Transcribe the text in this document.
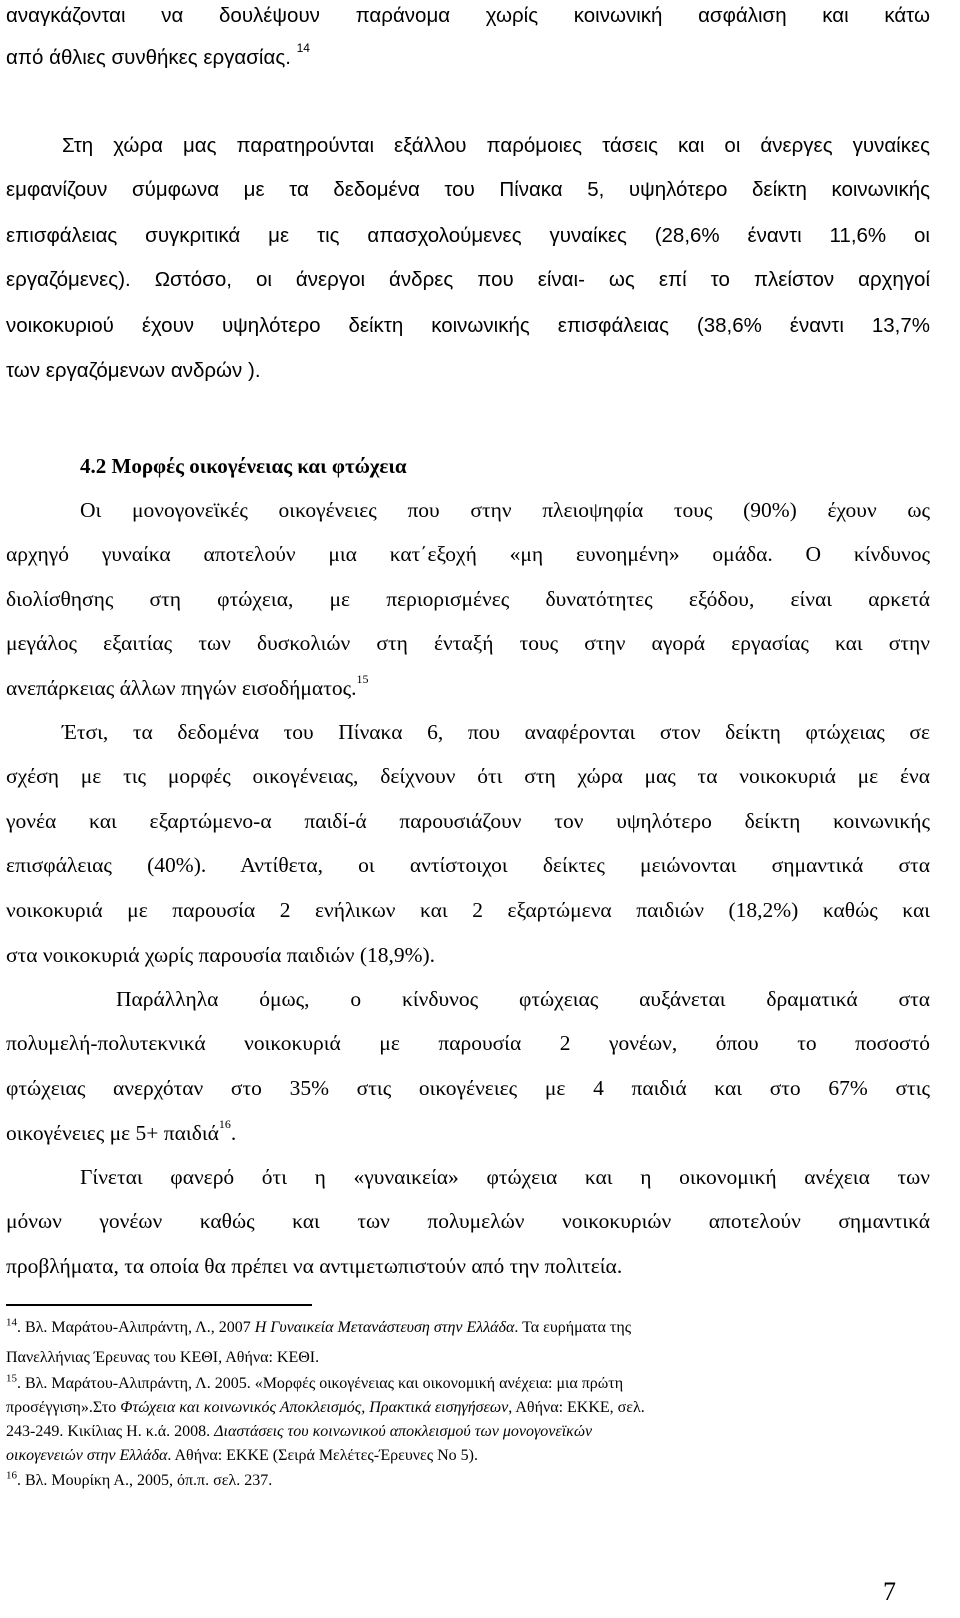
αναγκάζονται να δουλέψουν παράνομα χωρίς κοινωνική ασφάλιση και κάτω
από άθλιες συνθήκες εργασίας. $^{14}$
Στη χώρα μας παρατηρούνται εξάλλου παρόμοιες τάσεις και οι άνεργες γυναίκες
εμφανίζουν σύμφωνα με τα δεδομένα του Πίνακα 5, υψηλότερο δείκτη κοινωνικής
επισφάλειας συγκριτικά με τις απασχολούμενες γυναίκες (28,6% έναντι 11,6% οι
εργαζόμενες). Ωστόσο, οι άνεργοι άνδρες που είναι- ως επί το πλείστον αρχηγοί
νοικοκυριού έχουν υψηλότερο δείκτη κοινωνικής επισφάλειας (38,6% έναντι 13,7%
των εργαζόμενων ανδρών ).
4.2 Μορφές οικογένειας και φτώχεια
Οι μονογονεϊκές οικογένειες που στην πλειοψηφία τους (90%) έχουν ως
αρχηγό γυναίκα αποτελούν μια κατ΄εξοχή «μη ευνοημένη» ομάδα. Ο κίνδυνος
διολίσθησης στη φτώχεια, με περιορισμένες δυνατότητες εξόδου, είναι αρκετά
μεγάλος εξαιτίας των δυσκολιών στη ένταξή τους στην αγορά εργασίας και στην
ανεπάρκειας άλλων πηγών εισοδήματος.$^{15}$
Έτσι, τα δεδομένα του Πίνακα 6, που αναφέρονται στον δείκτη φτώχειας σε
σχέση με τις μορφές οικογένειας, δείχνουν ότι στη χώρα μας τα νοικοκυριά με ένα
γονέα και εξαρτώμενο-α παιδί-ά παρουσιάζουν τον υψηλότερο δείκτη κοινωνικής
επισφάλειας (40%). Αντίθετα, οι αντίστοιχοι δείκτες μειώνονται σημαντικά στα
νοικοκυριά με παρουσία 2 ενήλικων και 2 εξαρτώμενα παιδιών (18,2%) καθώς και
στα νοικοκυριά χωρίς παρουσία παιδιών (18,9%).
Παράλληλα όμως, ο κίνδυνος φτώχειας αυξάνεται δραματικά στα
πολυμελή-πολυτεκνικά νοικοκυριά με παρουσία 2 γονέων, όπου το ποσοστό
φτώχειας ανερχόταν στο 35% στις οικογένειες με 4 παιδιά και στο 67% στις
οικογένειες με 5+ παιδιά$^{16}$.
Γίνεται φανερό ότι η «γυναικεία» φτώχεια και η οικονομική ανέχεια των
μόνων γονέων καθώς και των πολυμελών νοικοκυριών αποτελούν σημαντικά
προβλήματα, τα οποία θα πρέπει να αντιμετωπιστούν από την πολιτεία.
$^{14}$. Βλ. Μαράτου-Αλιπράντη, Λ., 2007 Η Γυναικεία Μετανάστευση στην Ελλάδα. Τα ευρήματα της
Πανελλήνιας Έρευνας του ΚΕΘΙ, Αθήνα: ΚΕΘΙ.
$^{15}$. Βλ. Μαράτου-Αλιπράντη, Λ. 2005. «Μορφές οικογένειας και οικονομική ανέχεια: μια πρώτη
προσέγγιση».Στο Φτώχεια και κοινωνικός Αποκλεισμός, Πρακτικά εισηγήσεων, Αθήνα: ΕΚΚΕ, σελ.
243-249. Κικίλιας Η. κ.ά. 2008. Διαστάσεις του κοινωνικού αποκλεισμού των μονογονεϊκών
οικογενειών στην Ελλάδα. Αθήνα: ΕΚΚΕ (Σειρά Μελέτες-Έρευνες Νο 5).
$^{16}$. Βλ. Μουρίκη Α., 2005, όπ.π. σελ. 237.
7
